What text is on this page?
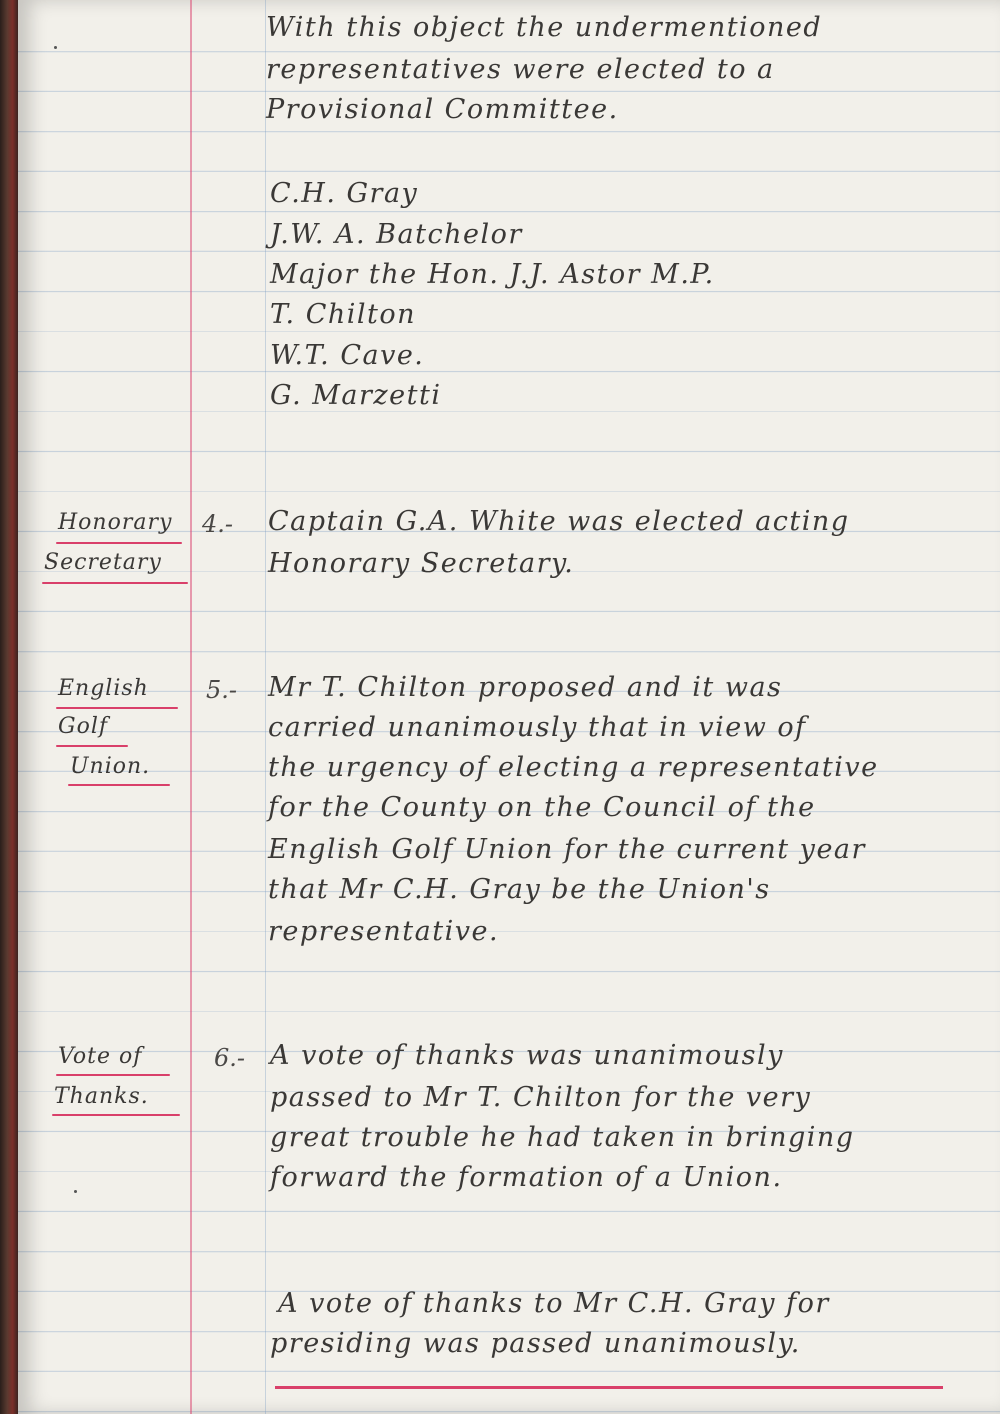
With this object the undermentioned
representatives were elected to a
Provisional Committee.
C.H. Gray
J.W. A. Batchelor
Major the Hon. J.J. Astor M.P.
T. Chilton
W.T. Cave.
G. Marzetti
Honorary
Secretary
4.- Captain G.A. White was elected acting
Honorary Secretary.
English
Golf
Union.
5.- Mr T. Chilton proposed and it was
carried unanimously that in view of
the urgency of electing a representative
for the County on the Council of the
English Golf Union for the current year
that Mr C.H. Gray be the Union's
representative.
Vote of
Thanks.
6.- A vote of thanks was unanimously
passed to Mr T. Chilton for the very
great trouble he had taken in bringing
forward the formation of a Union.
A vote of thanks to Mr C.H. Gray for
presiding was passed unanimously.
